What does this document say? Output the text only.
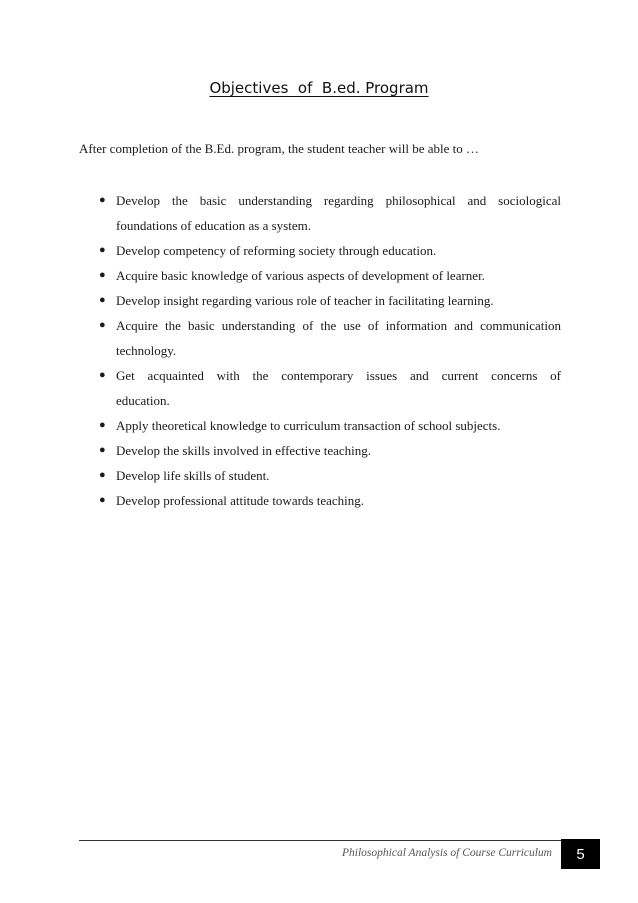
Objectives  of  B.ed. Program
After completion of the B.Ed. program, the student teacher will be able to …
● Develop the basic understanding regarding philosophical and sociological
foundations of education as a system.
● Develop competency of reforming society through education.
● Acquire basic knowledge of various aspects of development of learner.
● Develop insight regarding various role of teacher in facilitating learning.
● Acquire the basic understanding of the use of information and communication
technology.
● Get acquainted with the contemporary issues and current concerns of
education.
● Apply theoretical knowledge to curriculum transaction of school subjects.
● Develop the skills involved in effective teaching.
● Develop life skills of student.
● Develop professional attitude towards teaching.
Philosophical Analysis of Course Curriculum	5
